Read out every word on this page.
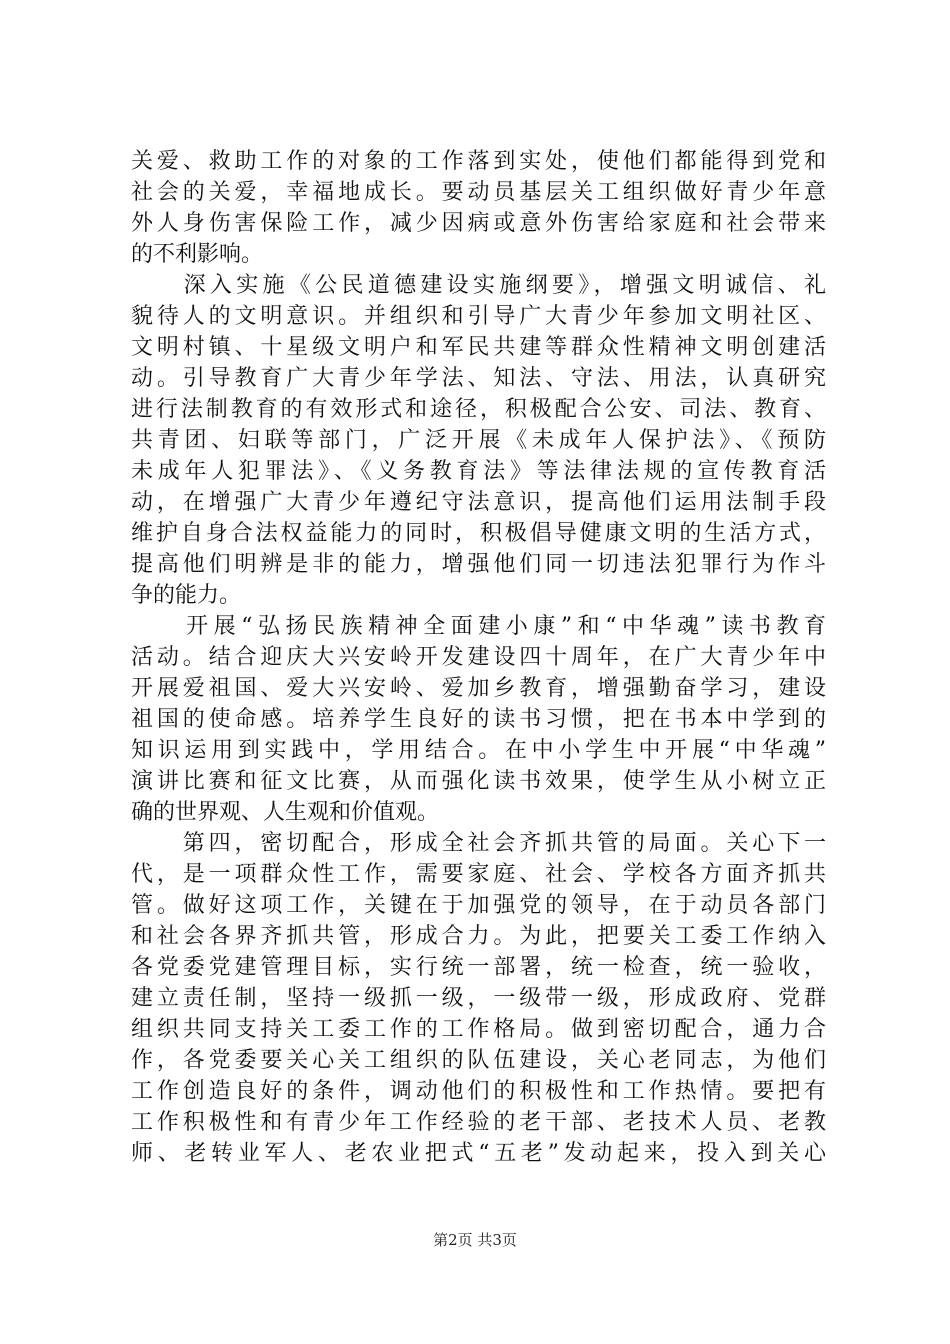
关爱、救助工作的对象的工作落到实处，使他们都能得到党和
社会的关爱，幸福地成长。要动员基层关工组织做好青少年意
外人身伤害保险工作，减少因病或意外伤害给家庭和社会带来
的不利影响。
　　深入实施《公民道德建设实施纲要》，增强文明诚信、礼
貌待人的文明意识。并组织和引导广大青少年参加文明社区、
文明村镇、十星级文明户和军民共建等群众性精神文明创建活
动。引导教育广大青少年学法、知法、守法、用法，认真研究
进行法制教育的有效形式和途径，积极配合公安、司法、教育、
共青团、妇联等部门，广泛开展《未成年人保护法》、《预防
未成年人犯罪法》、《义务教育法》等法律法规的宣传教育活
动，在增强广大青少年遵纪守法意识，提高他们运用法制手段
维护自身合法权益能力的同时，积极倡导健康文明的生活方式，
提高他们明辨是非的能力，增强他们同一切违法犯罪行为作斗
争的能力。
　　开展“弘扬民族精神全面建小康”和“中华魂”读书教育
活动。结合迎庆大兴安岭开发建设四十周年，在广大青少年中
开展爱祖国、爱大兴安岭、爱加乡教育，增强勤奋学习，建设
祖国的使命感。培养学生良好的读书习惯，把在书本中学到的
知识运用到实践中，学用结合。在中小学生中开展“中华魂”
演讲比赛和征文比赛，从而强化读书效果，使学生从小树立正
确的世界观、人生观和价值观。
　　第四，密切配合，形成全社会齐抓共管的局面。关心下一
代，是一项群众性工作，需要家庭、社会、学校各方面齐抓共
管。做好这项工作，关键在于加强党的领导，在于动员各部门
和社会各界齐抓共管，形成合力。为此，把要关工委工作纳入
各党委党建管理目标，实行统一部署，统一检查，统一验收，
建立责任制，坚持一级抓一级，一级带一级，形成政府、党群
组织共同支持关工委工作的工作格局。做到密切配合，通力合
作，各党委要关心关工组织的队伍建设，关心老同志，为他们
工作创造良好的条件，调动他们的积极性和工作热情。要把有
工作积极性和有青少年工作经验的老干部、老技术人员、老教
师、老转业军人、老农业把式“五老”发动起来，投入到关心
第2页 共3页
